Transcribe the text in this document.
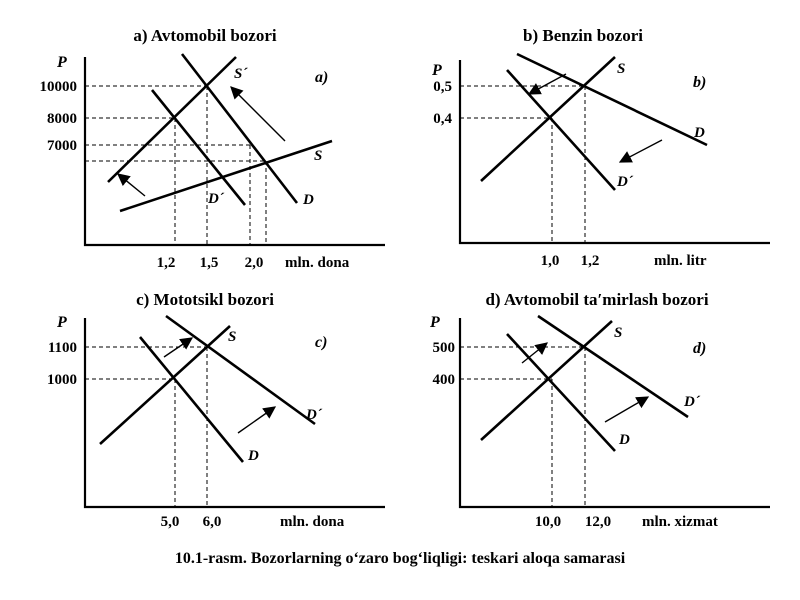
a) Avtomobil bozori
a)
P
mln. dona
10000
8000
7000
1,2 1,5 2,0
S´
S
D´	D
b) Benzin bozori
b)
P
mln. litr
0,5
0,4
1,0 1,2
S
D
D´
c) Mototsikl bozori
c)
P
mln. dona
1100
1000
5,0 6,0
S
D´
D
d) Avtomobil ta′mirlash bozori
d)
P
mln. xizmat
500
400
10,0 12,0
S
D´
D
10.1-rasm. Bozorlarning o‘zaro bog‘liqligi: teskari aloqa samarasi
